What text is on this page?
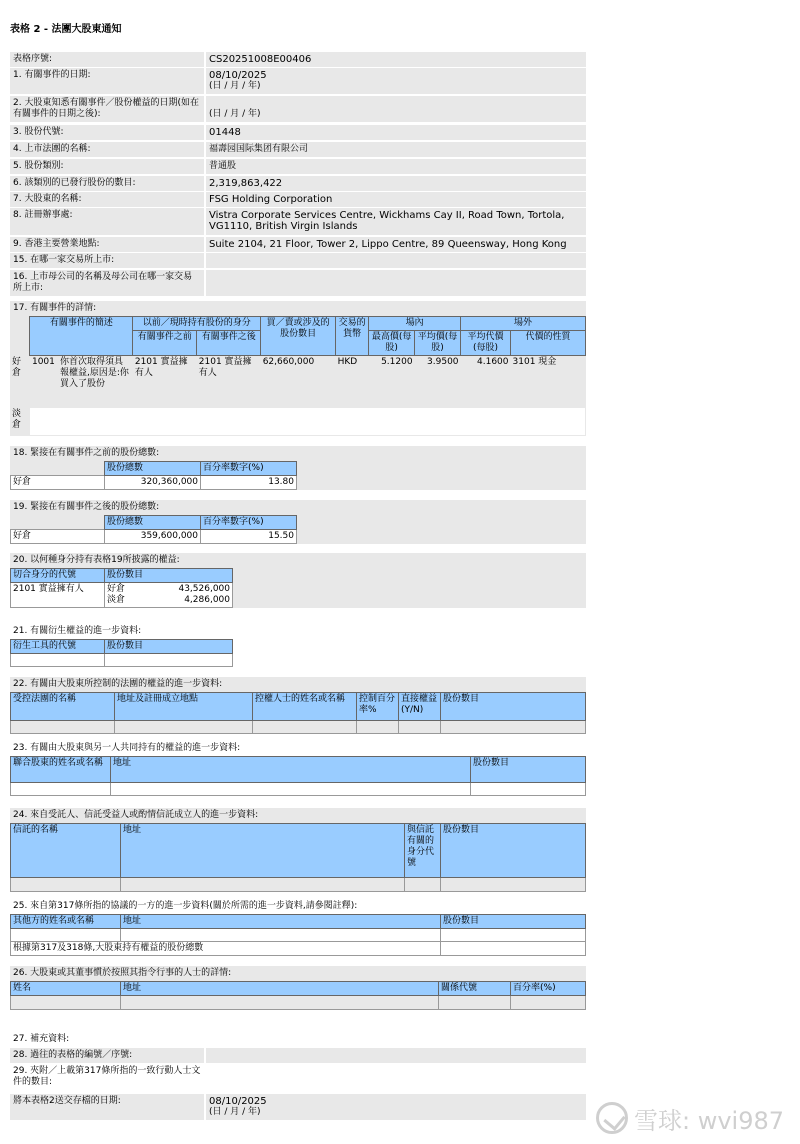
表格 2 - 法團大股東通知
表格序號:	CS20251008E00406
1. 有關事件的日期:	08/10/2025
(日 / 月 / 年)
2. 大股東知悉有關事件／股份權益的日期(如在有關事件的日期之後):	(日 / 月 / 年)
3. 股份代號:	01448
4. 上市法團的名稱:	福壽园国际集团有限公司
5. 股份類別:	普通股
6. 該類別的已發行股份的數目:	2,319,863,422
7. 大股東的名稱:	FSG Holding Corporation
8. 註冊辦事處:	Vistra Corporate Services Centre, Wickhams Cay II, Road Town, Tortola, VG1110, British Virgin Islands
9. 香港主要營業地點:	Suite 2104, 21 Floor, Tower 2, Lippo Centre, 89 Queensway, Hong Kong
15. 在哪一家交易所上市:
16. 上市母公司的名稱及母公司在哪一家交易所上市:
17. 有關事件的詳情:
	有關事件的簡述		以前／現時持有股份的身分		買／賣或涉及的股份數目	交易的貨幣	場內		場外	
			有關事件之前	有關事件之後			最高價(每股)	平均價(每股)	平均代價(每股)	代價的性質
好倉	1001	你首次取得須具報權益,原因是:你買入了股份	2101 實益擁有人	2101 實益擁有人	62,660,000	HKD	5.1200	3.9500	4.1600	3101 現金
淡倉										
18. 緊接在有關事件之前的股份總數:
	股份總數	百分率數字(%)	
好倉	320,360,000	13.80	
19. 緊接在有關事件之後的股份總數:
	股份總數	百分率數字(%)	
好倉	359,600,000	15.50	
20. 以何種身分持有表格19所披露的權益:
切合身分的代號	股份數目	
2101 實益擁有人	好倉 43,526,000
淡倉 4,286,000	

21. 有關衍生權益的進一步資料:
衍生工具的代號	股份數目	

22. 有關由大股東所控制的法團的權益的進一步資料:
受控法團的名稱	地址及註冊成立地點	控權人士的姓名或名稱	控制百分率%	直接權益(Y/N)	股份數目

23. 有關由大股東與另一人共同持有的權益的進一步資料:
聯合股東的姓名或名稱	地址	股份數目

24. 來自受託人、信託受益人或酌情信託成立人的進一步資料:
信託的名稱	地址	與信託有關的身分代號	股份數目

25. 來自第317條所指的協議的一方的進一步資料(關於所需的進一步資料,請參閱註釋):
其他方的姓名或名稱	地址	股份數目

根據第317及318條,大股東持有權益的股份總數		
26. 大股東或其董事慣於按照其指令行事的人士的詳情:
姓名	地址	關係代號	百分率(%)

27. 補充資料:
28. 過往的表格的編號／序號:
29. 夾附／上載第317條所指的一致行動人士文件的數目:
將本表格2送交存檔的日期:	08/10/2025
(日 / 月 / 年)	雪球: wvi987
